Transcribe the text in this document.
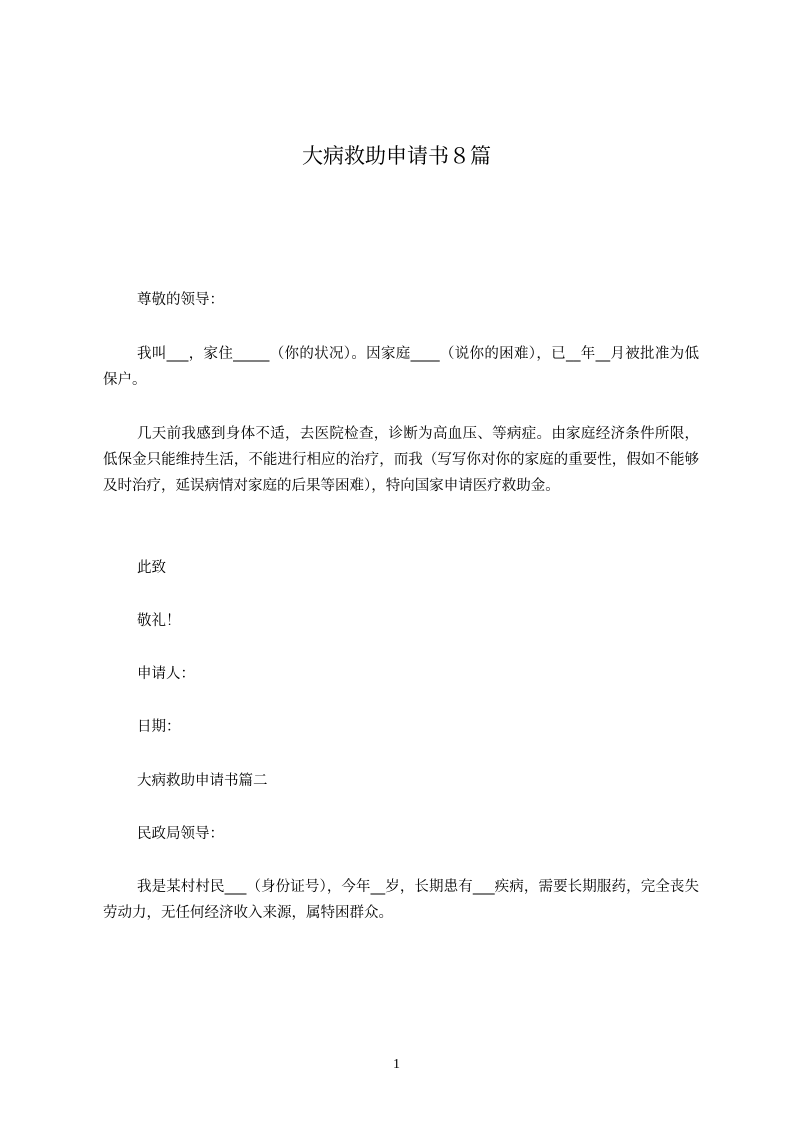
大病救助申请书８篇

尊敬的领导：

我叫___，家住_____（你的状况）。因家庭____（说你的困难），已__年__月被批准为低保户。

几天前我感到身体不适，去医院检查，诊断为高血压、等病症。由家庭经济条件所限，低保金只能维持生活，不能进行相应的治疗，而我（写写你对你的家庭的重要性，假如不能够及时治疗，延误病情对家庭的后果等困难），特向国家申请医疗救助金。

此致

敬礼！

申请人：

日期：

大病救助申请书篇二

民政局领导：

我是某村村民___（身份证号），今年__岁，长期患有___疾病，需要长期服药，完全丧失劳动力，无任何经济收入来源，属特困群众。

1
